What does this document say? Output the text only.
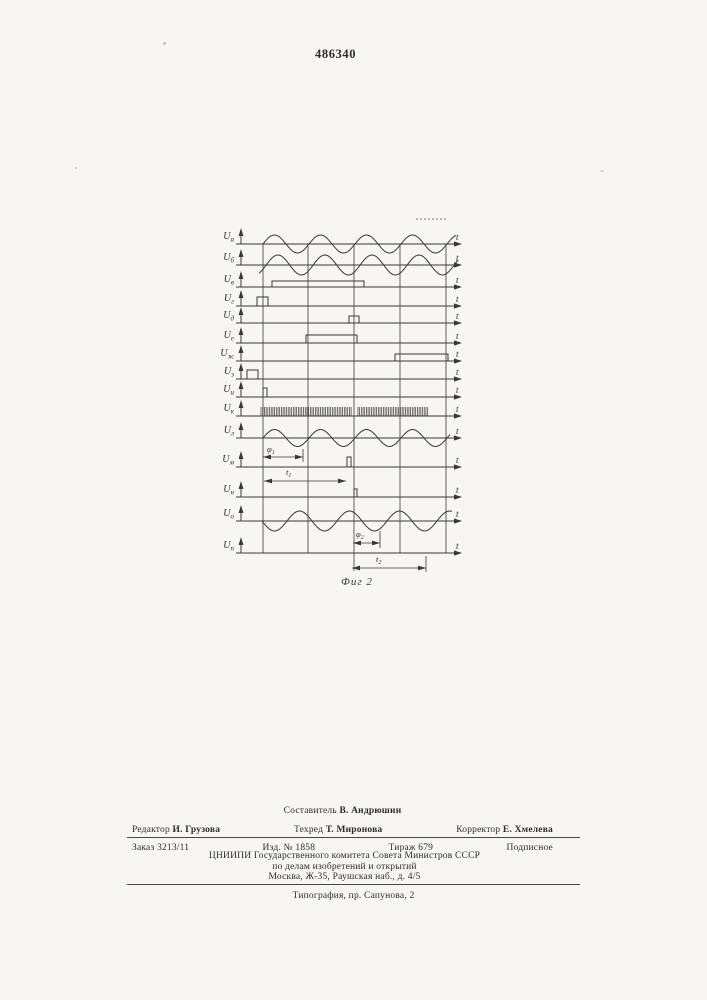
486340
t
$U_а$
t
$U_б$
t
$U_в$
t
$U_г$
t
$U_д$
t
$U_е$
t
$U_ж$
t
$U_з$
t
$U_и$
t
$U_к$
t
$U_л$
t
$U_м$
t
$U_н$
t
$U_о$
t
$U_п$
$\varphi_1$
$t_1$
$\varphi_2$
$t_2$
Фиг 2
Составитель В. Андрюшин
Редактор И. Грузова	Техред Т. Миронова	Корректор Е. Хмелева
Заказ 3213/11	Изд. № 1858	Тираж 679	Подписное
ЦНИИПИ Государственного комитета Совета Министров СССР
по делам изобретений и открытий
Москва, Ж-35, Раушская наб., д. 4/5
Типография, пр. Сапунова, 2
